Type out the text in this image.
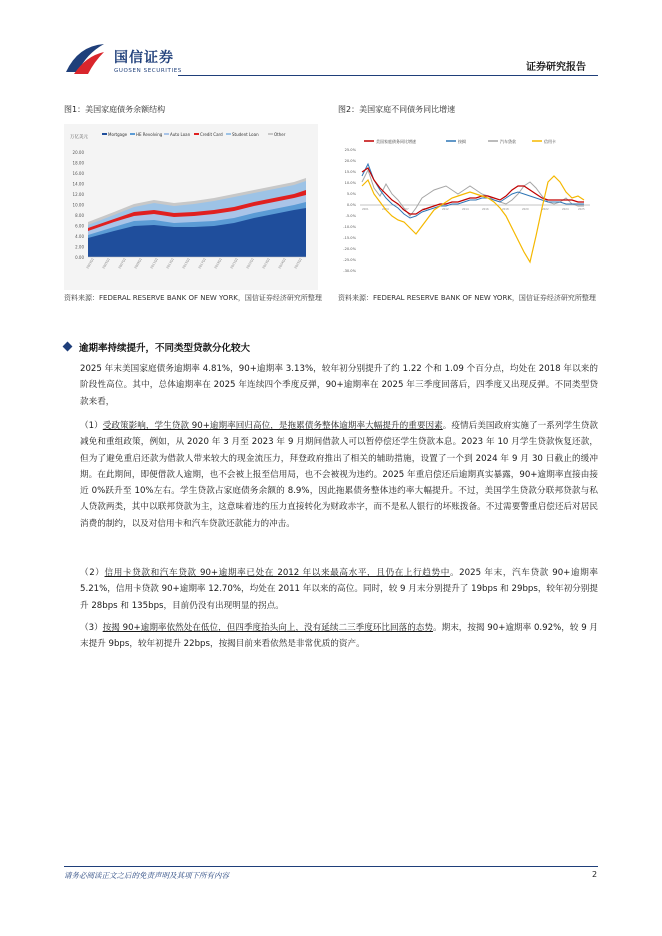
国信证券
GUOSEN SECURITIES	证券研究报告
图1：美国家庭债务余额结构
万亿美元
Mortgage HE Revolving Auto Loan Credit Card Student Loan	Other
20.00
18.00
16.00
14.00
12.00
10.00
8.00
6.00
4.00
2.00
0.00 2003Q1 2005Q1 2007Q1 2009Q1 2011Q1 2013Q1 2015Q1 2017Q1 2019Q1 2021Q1 2022Q1 2023Q1 2024Q1 2025Q1
资料来源：FEDERAL RESERVE BANK OF NEW YORK，国信证券经济研究所整理
图2：美国家庭不同债务同比增速
美国家庭债务同比增速	按揭	汽车贷款	信用卡
25.0%
20.0%
15.0%
10.0%
5.0%
0.0%
-5.0%
-10.0%
-15.0%
-20.0%
-25.0%
-30.0%
2001	2004	2007	2010	2012	2014	2016	2018	2020	2022	2024	2025
资料来源：FEDERAL RESERVE BANK OF NEW YORK，国信证券经济研究所整理
逾期率持续提升，不同类型贷款分化较大
2025 年末美国家庭债务逾期率 4.81%，90+逾期率 3.13%，较年初分别提升了约 1.22 个和 1.09 个百分点，均处在 2018 年以来的阶段性高位。其中，总体逾期率在 2025 年连续四个季度反弹，90+逾期率在 2025 年三季度回落后，四季度又出现反弹。不同类型贷款来看，
（1）受政策影响，学生贷款 90+逾期率回归高位，是拖累债务整体逾期率大幅提升的重要因素。疫情后美国政府实施了一系列学生贷款减免和重组政策，例如，从 2020 年 3 月至 2023 年 9 月期间借款人可以暂停偿还学生贷款本息。2023 年 10 月学生贷款恢复还款，但为了避免重启还款为借款人带来较大的现金流压力，拜登政府推出了相关的辅助措施，设置了一个到 2024 年 9 月 30 日截止的缓冲期。在此期间，即便借款人逾期，也不会被上报至信用局，也不会被视为违约。2025 年重启偿还后逾期真实暴露，90+逾期率直接由接近 0%跃升至 10%左右。学生贷款占家庭债务余额的 8.9%，因此拖累债务整体违约率大幅提升。不过，美国学生贷款分联邦贷款与私人贷款两类，其中以联邦贷款为主，这意味着违约压力直接转化为财政赤字，而不是私人银行的坏账拨备。不过需要警重启偿还后对居民消费的制约，以及对信用卡和汽车贷款还款能力的冲击。
（2）信用卡贷款和汽车贷款 90+逾期率已处在 2012 年以来最高水平，且仍在上行趋势中。2025 年末，汽车贷款 90+逾期率 5.21%，信用卡贷款 90+逾期率 12.70%，均处在 2011 年以来的高位。同时，较 9 月末分别提升了 19bps 和 29bps，较年初分别提升 28bps 和 135bps，目前仍没有出现明显的拐点。
（3）按揭 90+逾期率依然处在低位，但四季度抬头向上，没有延续二三季度环比回落的态势。期末，按揭 90+逾期率 0.92%，较 9 月末提升 9bps，较年初提升 22bps，按揭目前来看依然是非常优质的资产。
请务必阅读正文之后的免责声明及其项下所有内容	2
